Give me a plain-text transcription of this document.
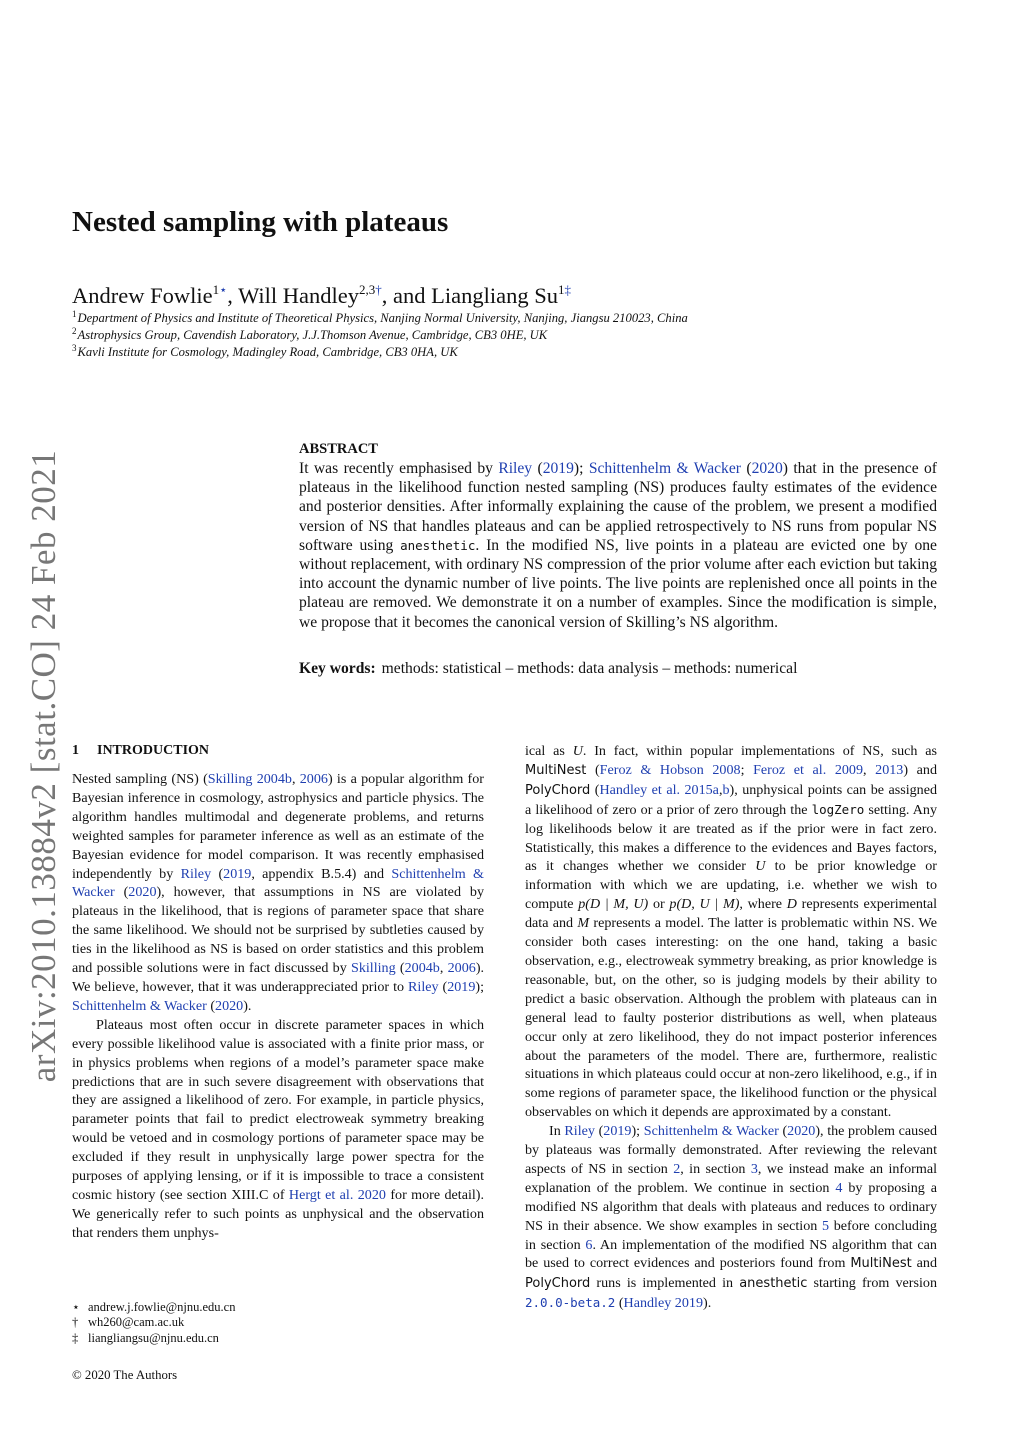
arXiv:2010.13884v2 [stat.CO] 24 Feb 2021
Nested sampling with plateaus
Andrew Fowlie$^{1⋆}$, Will Handley$^{2,3\dagger}$, and Liangliang Su$^{1\ddagger}$
$^1$Department of Physics and Institute of Theoretical Physics, Nanjing Normal University, Nanjing, Jiangsu 210023, China
$^2$Astrophysics Group, Cavendish Laboratory, J.J.Thomson Avenue, Cambridge, CB3 0HE, UK
$^3$Kavli Institute for Cosmology, Madingley Road, Cambridge, CB3 0HA, UK
ABSTRACT
It was recently emphasised by Riley (2019); Schittenhelm & Wacker (2020) that in the presence of plateaus in the likelihood function nested sampling (NS) produces faulty estimates of the evidence and posterior densities. After informally explaining the cause of the problem, we present a modified version of NS that handles plateaus and can be applied retrospectively to NS runs from popular NS software using anesthetic. In the modified NS, live points in a plateau are evicted one by one without replacement, with ordinary NS compression of the prior volume after each eviction but taking into account the dynamic number of live points. The live points are replenished once all points in the plateau are removed. We demonstrate it on a number of examples. Since the modification is simple, we propose that it becomes the canonical version of Skilling’s NS algorithm.
Key words: methods: statistical – methods: data analysis – methods: numerical
1 INTRODUCTION

Nested sampling (NS) (Skilling 2004b, 2006) is a popular algorithm for Bayesian inference in cosmology, astrophysics and particle physics. The algorithm handles multimodal and degenerate problems, and returns weighted samples for parameter inference as well as an estimate of the Bayesian evidence for model comparison. It was recently emphasised independently by Riley (2019, appendix B.5.4) and Schittenhelm & Wacker (2020), however, that assumptions in NS are violated by plateaus in the likelihood, that is regions of parameter space that share the same likelihood. We should not be surprised by subtleties caused by ties in the likelihood as NS is based on order statistics and this problem and possible solutions were in fact discussed by Skilling (2004b, 2006). We believe, however, that it was underappreciated prior to Riley (2019); Schittenhelm & Wacker (2020).

Plateaus most often occur in discrete parameter spaces in which every possible likelihood value is associated with a finite prior mass, or in physics problems when regions of a model’s parameter space make predictions that are in such severe disagreement with observations that they are assigned a likelihood of zero. For example, in particle physics, parameter points that fail to predict electroweak symmetry breaking would be vetoed and in cosmology portions of parameter space may be excluded if they result in unphysically large power spectra for the purposes of applying lensing, or if it is impossible to trace a consistent cosmic history (see section XIII.C of Hergt et al. 2020 for more detail). We generically refer to such points as unphysical and the observation that renders them unphys-

ical as U. In fact, within popular implementations of NS, such as MultiNest (Feroz & Hobson 2008; Feroz et al. 2009, 2013) and PolyChord (Handley et al. 2015a,b), unphysical points can be assigned a likelihood of zero or a prior of zero through the logZero setting. Any log likelihoods below it are treated as if the prior were in fact zero. Statistically, this makes a difference to the evidences and Bayes factors, as it changes whether we consider U to be prior knowledge or information with which we are updating, i.e. whether we wish to compute p(D | M, U) or p(D, U | M), where D represents experimental data and M represents a model. The latter is problematic within NS. We consider both cases interesting: on the one hand, taking a basic observation, e.g., electroweak symmetry breaking, as prior knowledge is reasonable, but, on the other, so is judging models by their ability to predict a basic observation. Although the problem with plateaus can in general lead to faulty posterior distributions as well, when plateaus occur only at zero likelihood, they do not impact posterior inferences about the parameters of the model. There are, furthermore, realistic situations in which plateaus could occur at non-zero likelihood, e.g., if in some regions of parameter space, the likelihood function or the physical observables on which it depends are approximated by a constant.

In Riley (2019); Schittenhelm & Wacker (2020), the problem caused by plateaus was formally demonstrated. After reviewing the relevant aspects of NS in section 2, in section 3, we instead make an informal explanation of the problem. We continue in section 4 by proposing a modified NS algorithm that deals with plateaus and reduces to ordinary NS in their absence. We show examples in section 5 before concluding in section 6. An implementation of the modified NS algorithm that can be used to correct evidences and posteriors found from MultiNest and PolyChord runs is implemented in anesthetic starting from version 2.0.0-beta.2 (Handley 2019).

⋆ andrew.j.fowlie@njnu.edu.cn
† wh260@cam.ac.uk
‡ liangliangsu@njnu.edu.cn
© 2020 The Authors
